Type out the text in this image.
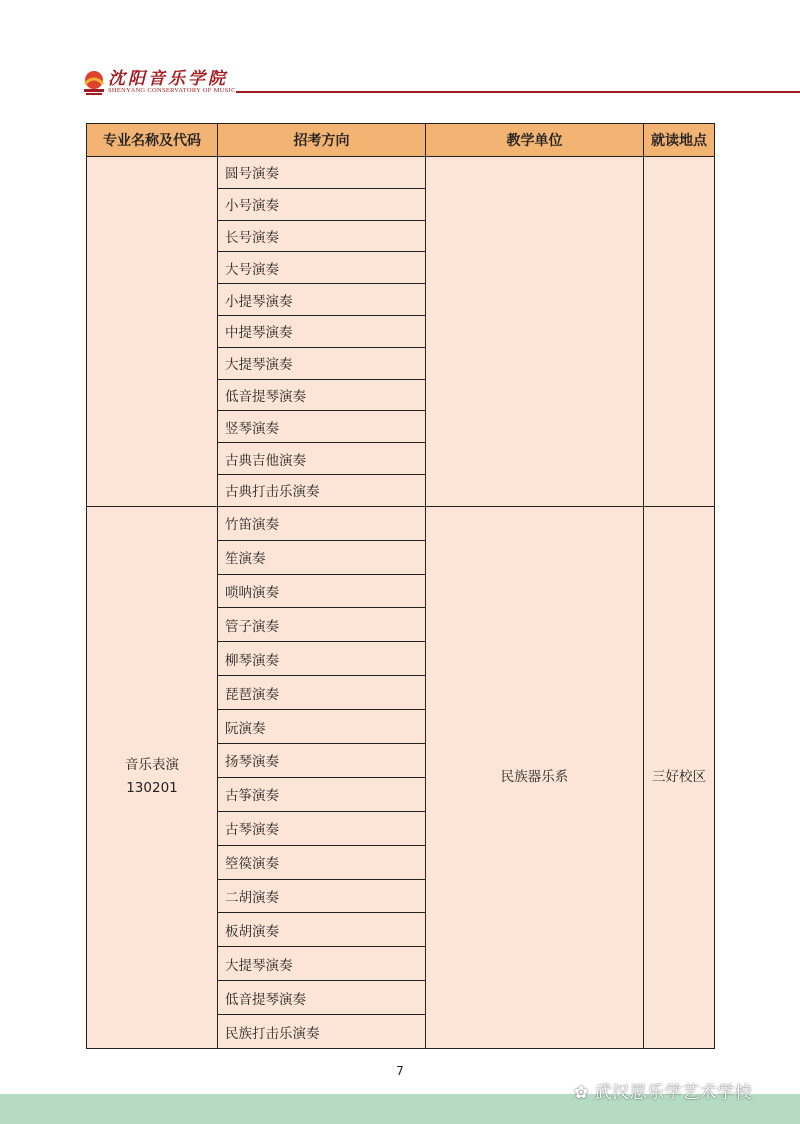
沈阳音乐学院
SHENYANG CONSERVATORY OF MUSIC
专业名称及代码	招考方向	教学单位	就读地点
	圆号演奏		
	小号演奏		
	长号演奏		
	大号演奏		
	小提琴演奏		
	中提琴演奏		
	大提琴演奏		
	低音提琴演奏		
	竖琴演奏		
	古典吉他演奏		
	古典打击乐演奏		

音乐表演
130201	竹笛演奏	民族器乐系	三好校区
	笙演奏		
	唢呐演奏		
	管子演奏		
	柳琴演奏		
	琵琶演奏		
	阮演奏		
	扬琴演奏		
	古筝演奏		
	古琴演奏		
	箜篌演奏		
	二胡演奏		
	板胡演奏		
	大提琴演奏		
	低音提琴演奏		
	民族打击乐演奏		
7
✿ 武汉思乐学艺术学校
